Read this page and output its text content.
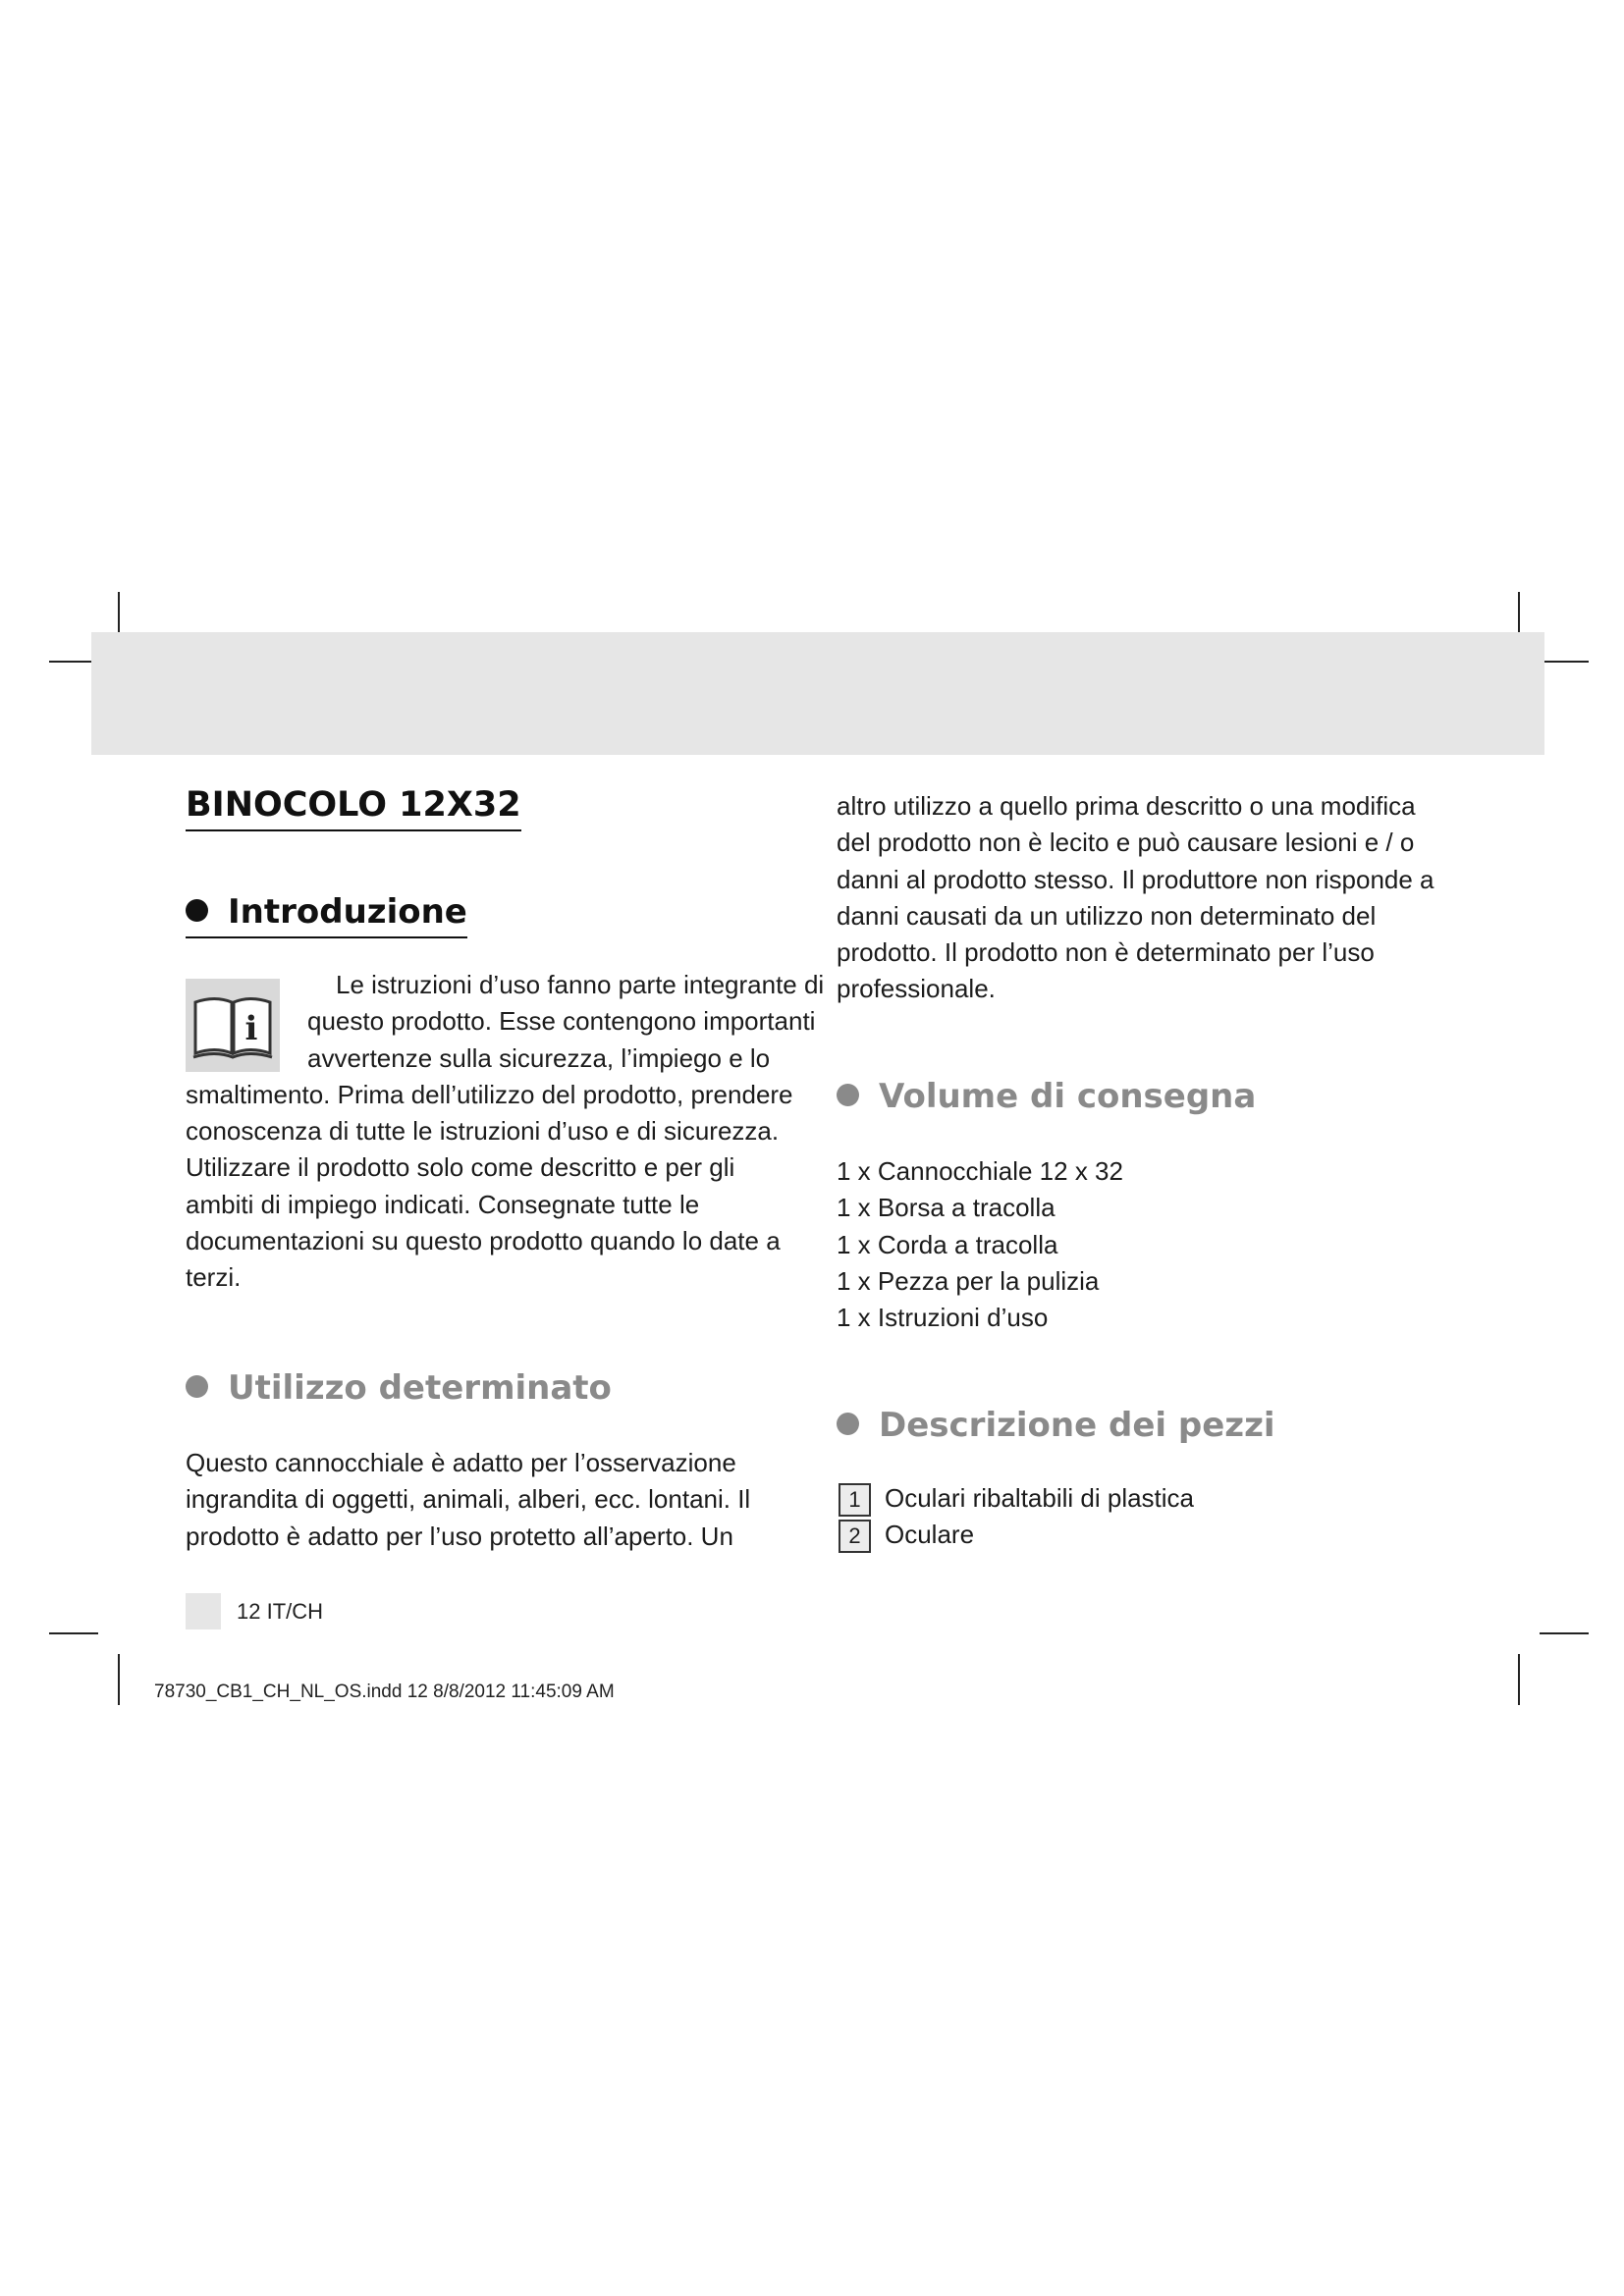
BINOCOLO 12X32
Introduzione
i

Le istruzioni d’uso fanno parte integrante di

questo prodotto. Esse contengono importanti

avvertenze sulla sicurezza, l’impiego e lo

smaltimento. Prima dell’utilizzo del prodotto, prendere

conoscenza di tutte le istruzioni d’uso e di sicurezza.

Utilizzare il prodotto solo come descritto e per gli

ambiti di impiego indicati. Consegnate tutte le

documentazioni su questo prodotto quando lo date a

terzi.

Utilizzo determinato

Questo cannocchiale è adatto per l’osservazione

ingrandita di oggetti, animali, alberi, ecc. lontani. Il

prodotto è adatto per l’uso protetto all’aperto. Un

altro utilizzo a quello prima descritto o una modifica

del prodotto non è lecito e può causare lesioni e / o

danni al prodotto stesso. Il produttore non risponde a

danni causati da un utilizzo non determinato del

prodotto. Il prodotto non è determinato per l’uso

professionale.

Volume di consegna
1 x Cannocchiale 12 x 32
1 x Borsa a tracolla
1 x Corda a tracolla
1 x Pezza per la pulizia
1 x Istruzioni d’uso
Descrizione dei pezzi
1 Oculari ribaltabili di plastica
2 Oculare
12 IT/CH
78730_CB1_CH_NL_OS.indd 12 8/8/2012 11:45:09 AM
